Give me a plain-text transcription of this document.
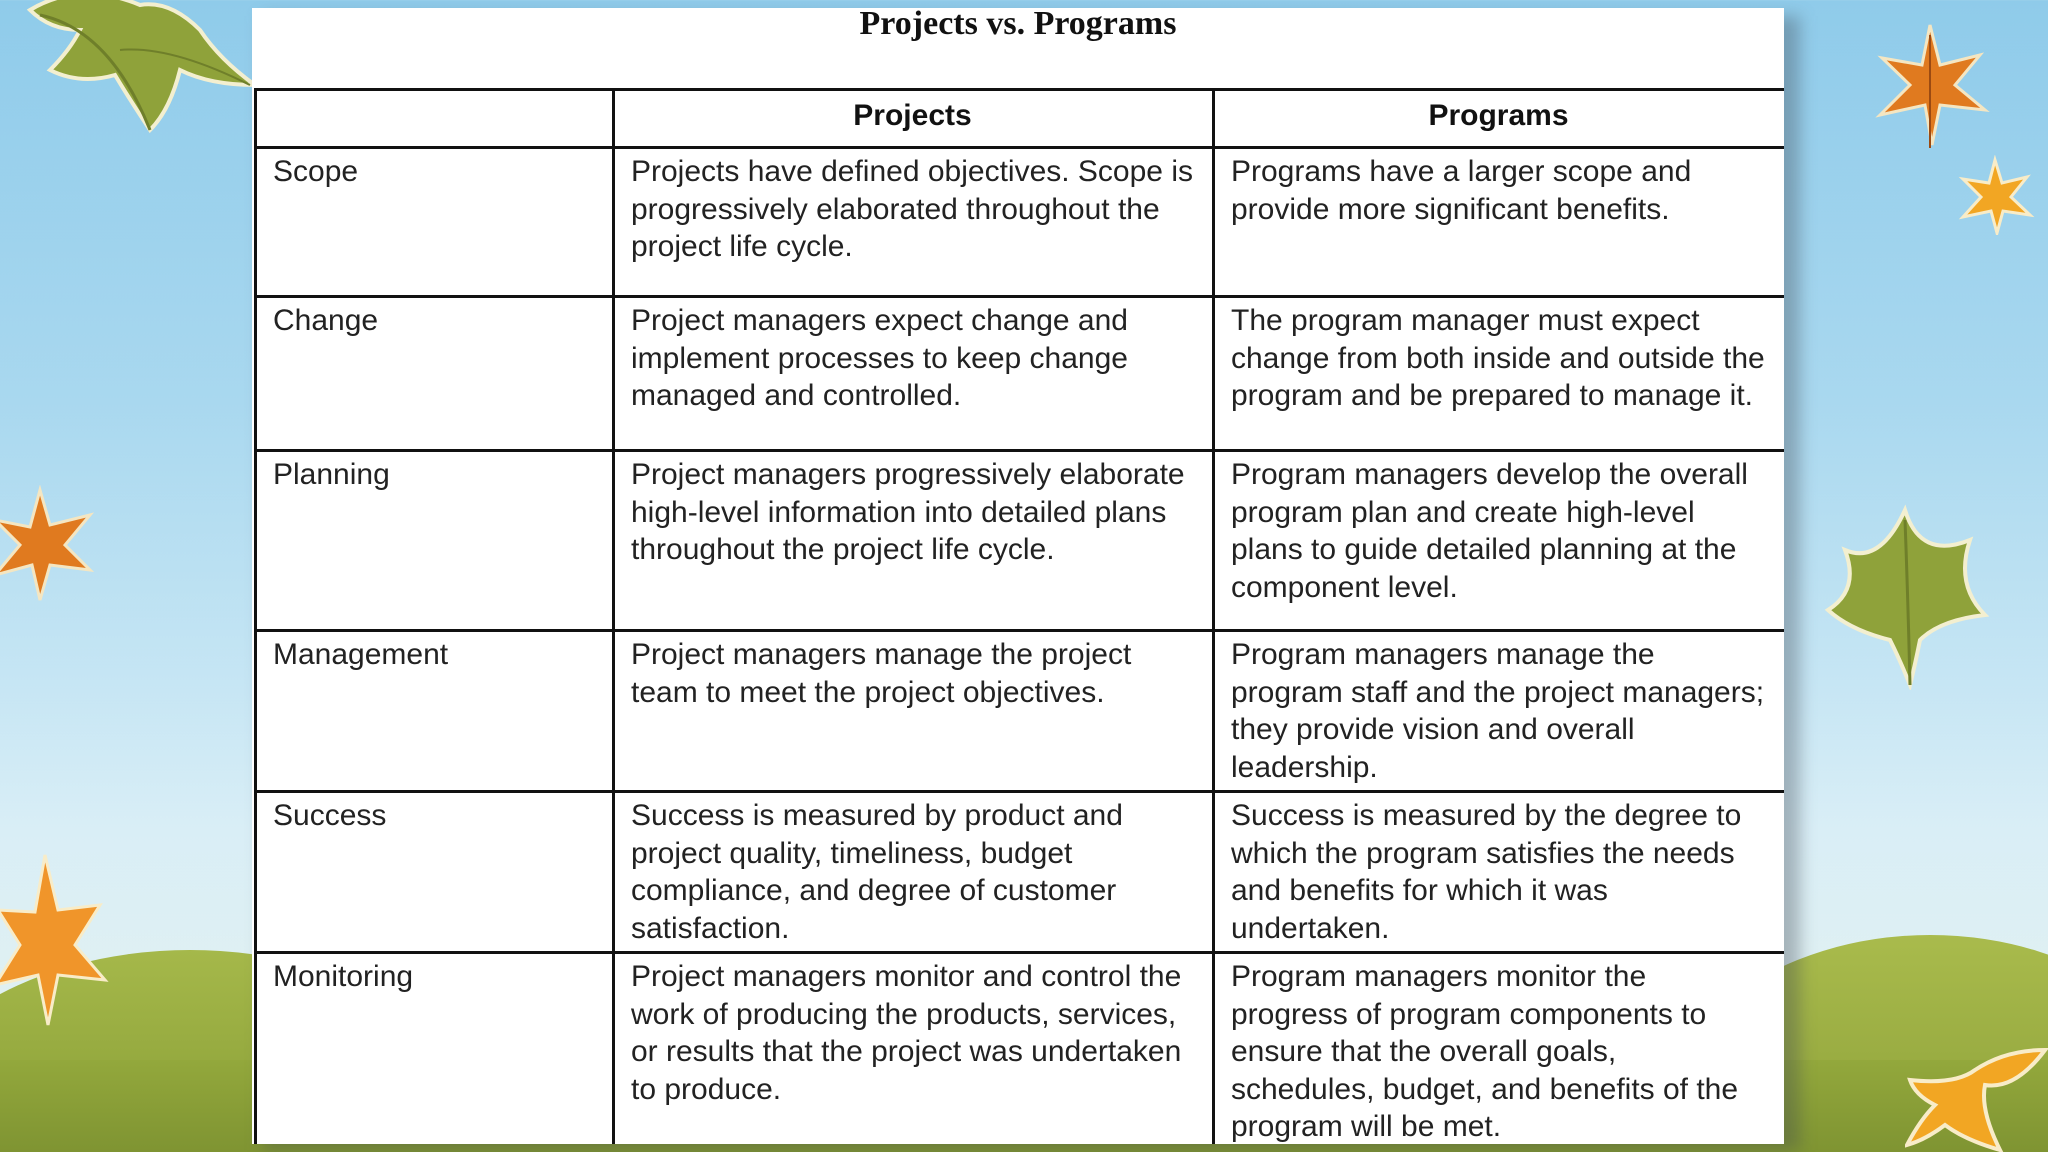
Projects vs. Programs
	Projects	Programs
Scope	Projects have defined objectives. Scope is progressively elaborated throughout the project life cycle.	Programs have a larger scope and provide more significant benefits.
Change	Project managers expect change and implement processes to keep change managed and controlled.	The program manager must expect change from both inside and outside the program and be prepared to manage it.
Planning	Project managers progressively elaborate high-level information into detailed plans throughout the project life cycle.	Program managers develop the overall program plan and create high-level plans to guide detailed planning at the component level.
Management	Project managers manage the project team to meet the project objectives.	Program managers manage the program staff and the project managers; they provide vision and overall leadership.
Success	Success is measured by product and project quality, timeliness, budget compliance, and degree of customer satisfaction.	Success is measured by the degree to which the program satisfies the needs and benefits for which it was undertaken.
Monitoring	Project managers monitor and control the work of producing the products, services, or results that the project was undertaken to produce.	Program managers monitor the progress of program components to ensure that the overall goals, schedules, budget, and benefits of the program will be met.
